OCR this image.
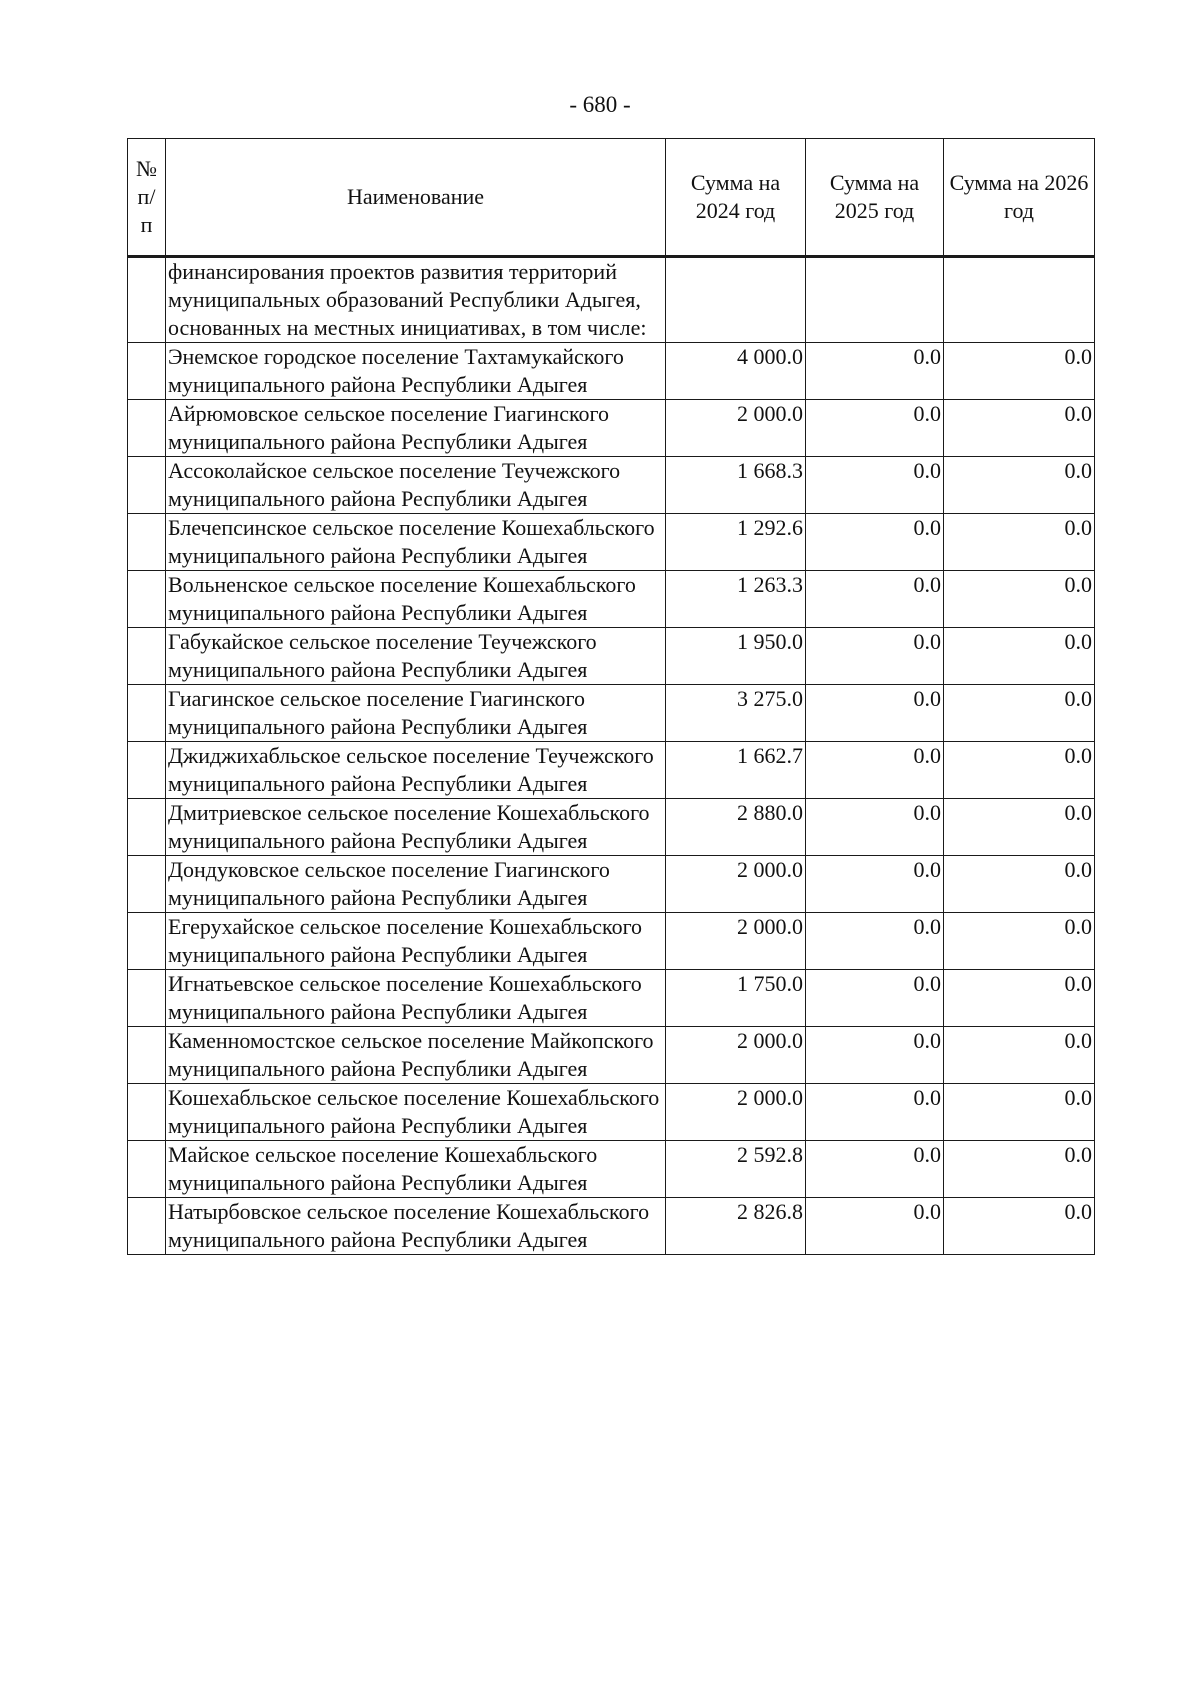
- 680 -
№ п/п	Наименование	Сумма на 2024 год	Сумма на 2025 год	Сумма на 2026 год
	финансирования проектов развития территорий муниципальных образований Республики Адыгея, основанных на местных инициативах, в том числе:			
	Энемское городское поселение Тахтамукайского муниципального района Республики Адыгея	4 000.0	0.0	0.0
	Айрюмовское сельское поселение Гиагинского муниципального района Республики Адыгея	2 000.0	0.0	0.0
	Ассоколайское сельское поселение Теучежского муниципального района Республики Адыгея	1 668.3	0.0	0.0
	Блечепсинское сельское поселение Кошехабльского муниципального района Республики Адыгея	1 292.6	0.0	0.0
	Вольненское сельское поселение Кошехабльского муниципального района Республики Адыгея	1 263.3	0.0	0.0
	Габукайское сельское поселение Теучежского муниципального района Республики Адыгея	1 950.0	0.0	0.0
	Гиагинское сельское поселение Гиагинского муниципального района Республики Адыгея	3 275.0	0.0	0.0
	Джиджихабльское сельское поселение Теучежского муниципального района Республики Адыгея	1 662.7	0.0	0.0
	Дмитриевское сельское поселение Кошехабльского муниципального района Республики Адыгея	2 880.0	0.0	0.0
	Дондуковское сельское поселение Гиагинского муниципального района Республики Адыгея	2 000.0	0.0	0.0
	Егерухайское сельское поселение Кошехабльского муниципального района Республики Адыгея	2 000.0	0.0	0.0
	Игнатьевское сельское поселение Кошехабльского муниципального района Республики Адыгея	1 750.0	0.0	0.0
	Каменномостское сельское поселение Майкопского муниципального района Республики Адыгея	2 000.0	0.0	0.0
	Кошехабльское сельское поселение Кошехабльского муниципального района Республики Адыгея	2 000.0	0.0	0.0
	Майское сельское поселение Кошехабльского муниципального района Республики Адыгея	2 592.8	0.0	0.0
	Натырбовское сельское поселение Кошехабльского муниципального района Республики Адыгея	2 826.8	0.0	0.0
